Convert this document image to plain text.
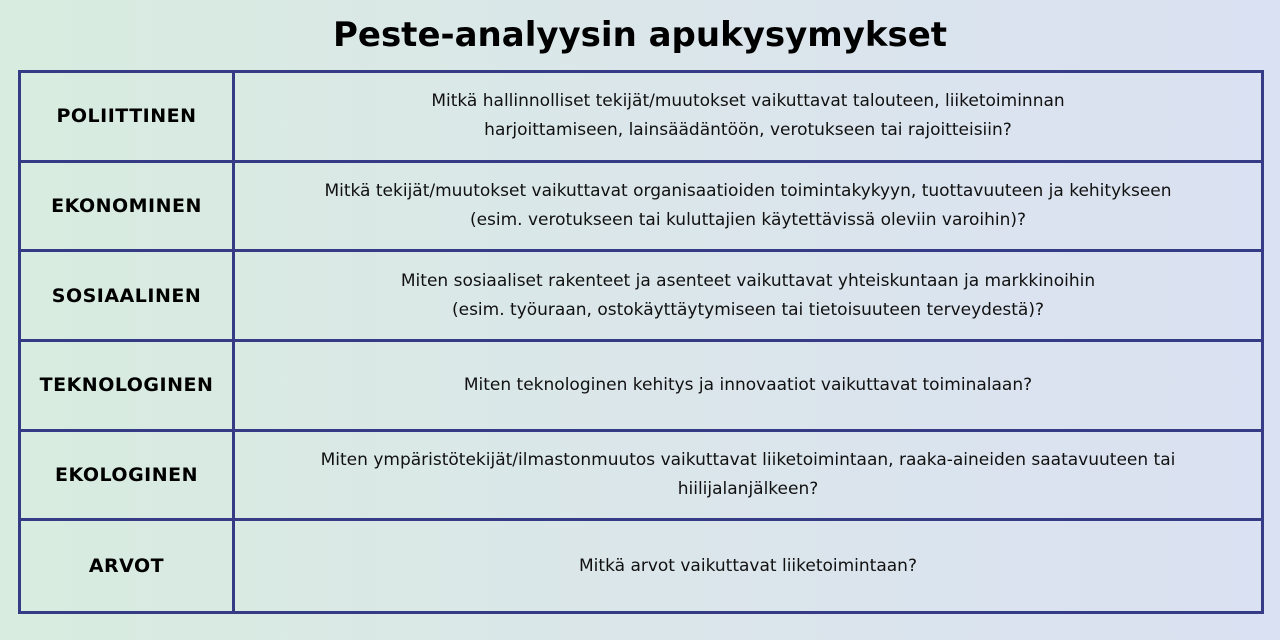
Peste-analyysin apukysymykset
POLIITTINEN
Mitkä hallinnolliset tekijät/muutokset vaikuttavat talouteen, liiketoiminnan
harjoittamiseen, lainsäädäntöön, verotukseen tai rajoitteisiin?
EKONOMINEN
Mitkä tekijät/muutokset vaikuttavat organisaatioiden toimintakykyyn, tuottavuuteen ja kehitykseen
(esim. verotukseen tai kuluttajien käytettävissä oleviin varoihin)?
SOSIAALINEN
Miten sosiaaliset rakenteet ja asenteet vaikuttavat yhteiskuntaan ja markkinoihin
(esim. työuraan, ostokäyttäytymiseen tai tietoisuuteen terveydestä)?
TEKNOLOGINEN	Miten teknologinen kehitys ja innovaatiot vaikuttavat toiminalaan?
EKOLOGINEN
Miten ympäristötekijät/ilmastonmuutos vaikuttavat liiketoimintaan, raaka-aineiden saatavuuteen tai
hiilijalanjälkeen?
ARVOT	Mitkä arvot vaikuttavat liiketoimintaan?
